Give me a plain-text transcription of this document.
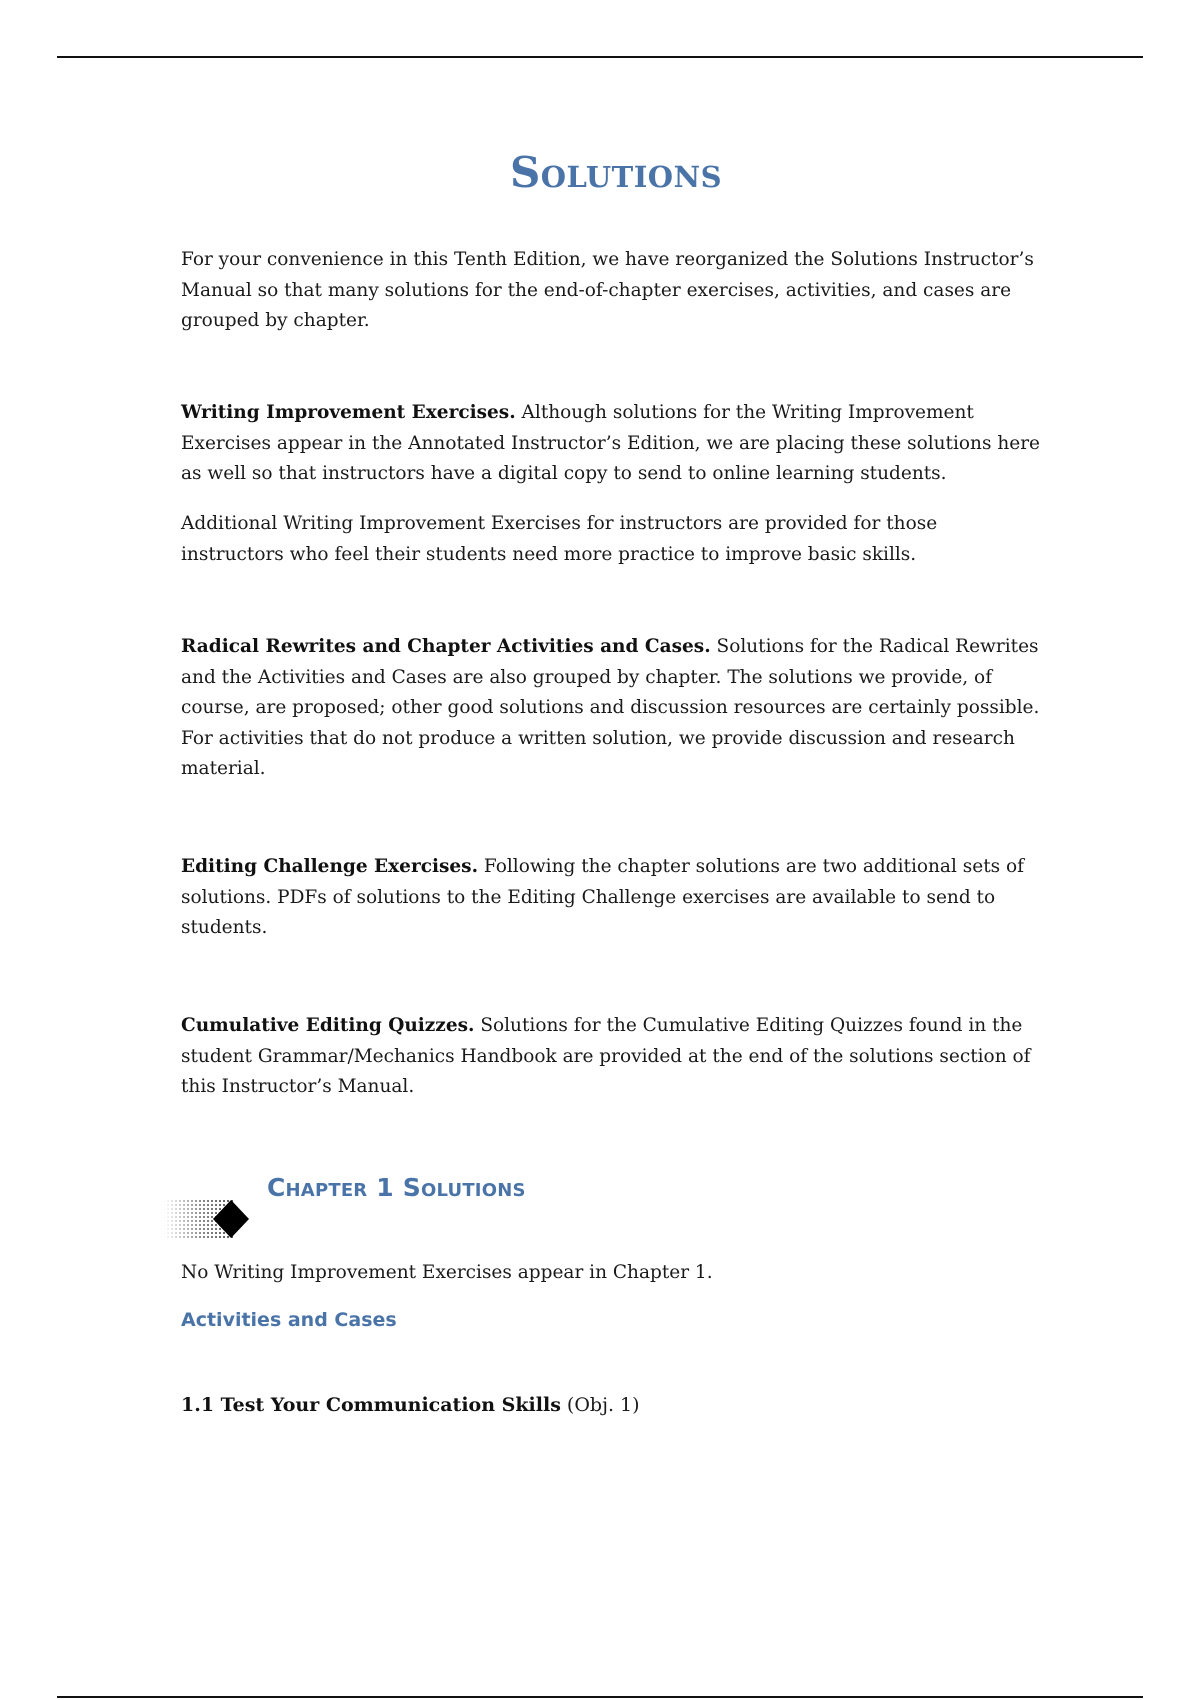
Solutions

For your convenience in this Tenth Edition, we have reorganized the Solutions Instructor’s Manual so that many solutions for the end-of-chapter exercises, activities, and cases are grouped by chapter.

Writing Improvement Exercises. Although solutions for the Writing Improvement Exercises appear in the Annotated Instructor’s Edition, we are placing these solutions here as well so that instructors have a digital copy to send to online learning students.

Additional Writing Improvement Exercises for instructors are provided for those instructors who feel their students need more practice to improve basic skills.

Radical Rewrites and Chapter Activities and Cases. Solutions for the Radical Rewrites and the Activities and Cases are also grouped by chapter. The solutions we provide, of course, are proposed; other good solutions and discussion resources are certainly possible. For activities that do not produce a written solution, we provide discussion and research material.

Editing Challenge Exercises. Following the chapter solutions are two additional sets of solutions. PDFs of solutions to the Editing Challenge exercises are available to send to students.

Cumulative Editing Quizzes. Solutions for the Cumulative Editing Quizzes found in the student Grammar/Mechanics Handbook are provided at the end of the solutions section of this Instructor’s Manual.

Chapter 1 Solutions

No Writing Improvement Exercises appear in Chapter 1.

Activities and Cases

1.1 Test Your Communication Skills (Obj. 1)
